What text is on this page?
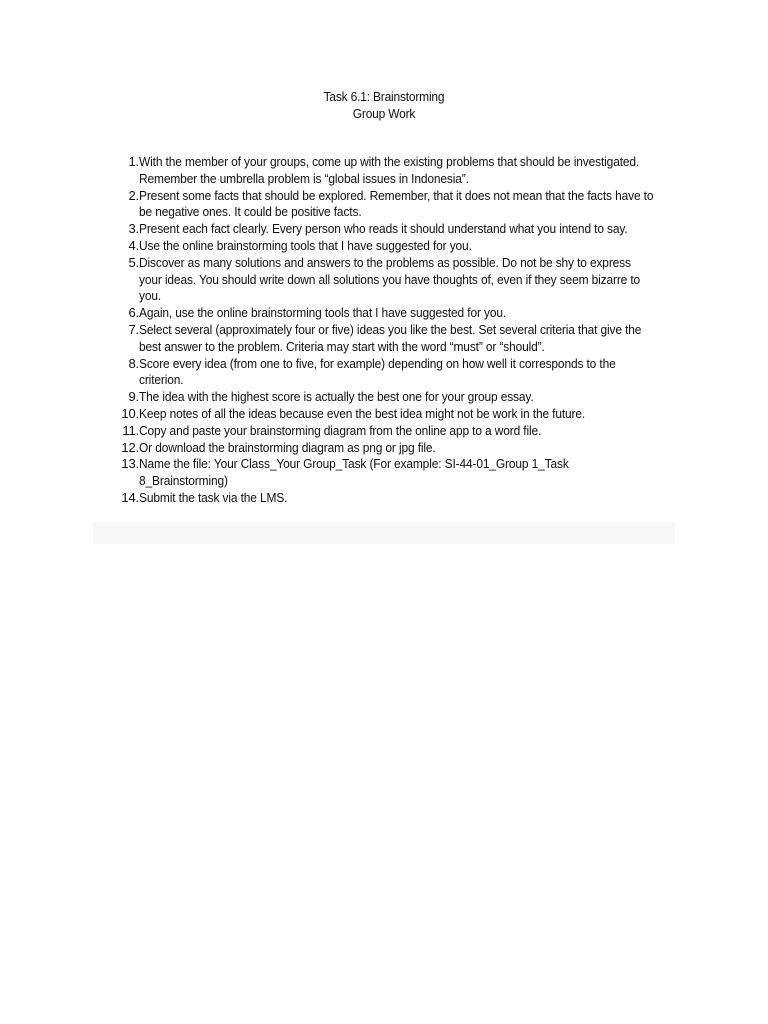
Task 6.1: Brainstorming
Group Work
1. With the member of your groups, come up with the existing problems that should be investigated. Remember the umbrella problem is “global issues in Indonesia”.
2. Present some facts that should be explored. Remember, that it does not mean that the facts have to be negative ones. It could be positive facts.
3. Present each fact clearly. Every person who reads it should understand what you intend to say.
4. Use the online brainstorming tools that I have suggested for you.
5. Discover as many solutions and answers to the problems as possible. Do not be shy to express your ideas. You should write down all solutions you have thoughts of, even if they seem bizarre to you.
6. Again, use the online brainstorming tools that I have suggested for you.
7. Select several (approximately four or five) ideas you like the best. Set several criteria that give the best answer to the problem. Criteria may start with the word “must” or “should”.
8. Score every idea (from one to five, for example) depending on how well it corresponds to the criterion.
9. The idea with the highest score is actually the best one for your group essay.
10. Keep notes of all the ideas because even the best idea might not be work in the future.
11. Copy and paste your brainstorming diagram from the online app to a word file.
12. Or download the brainstorming diagram as png or jpg file.
13. Name the file: Your Class_Your Group_Task (For example: SI-44-01_Group 1_Task 8_Brainstorming)
14. Submit the task via the LMS.
